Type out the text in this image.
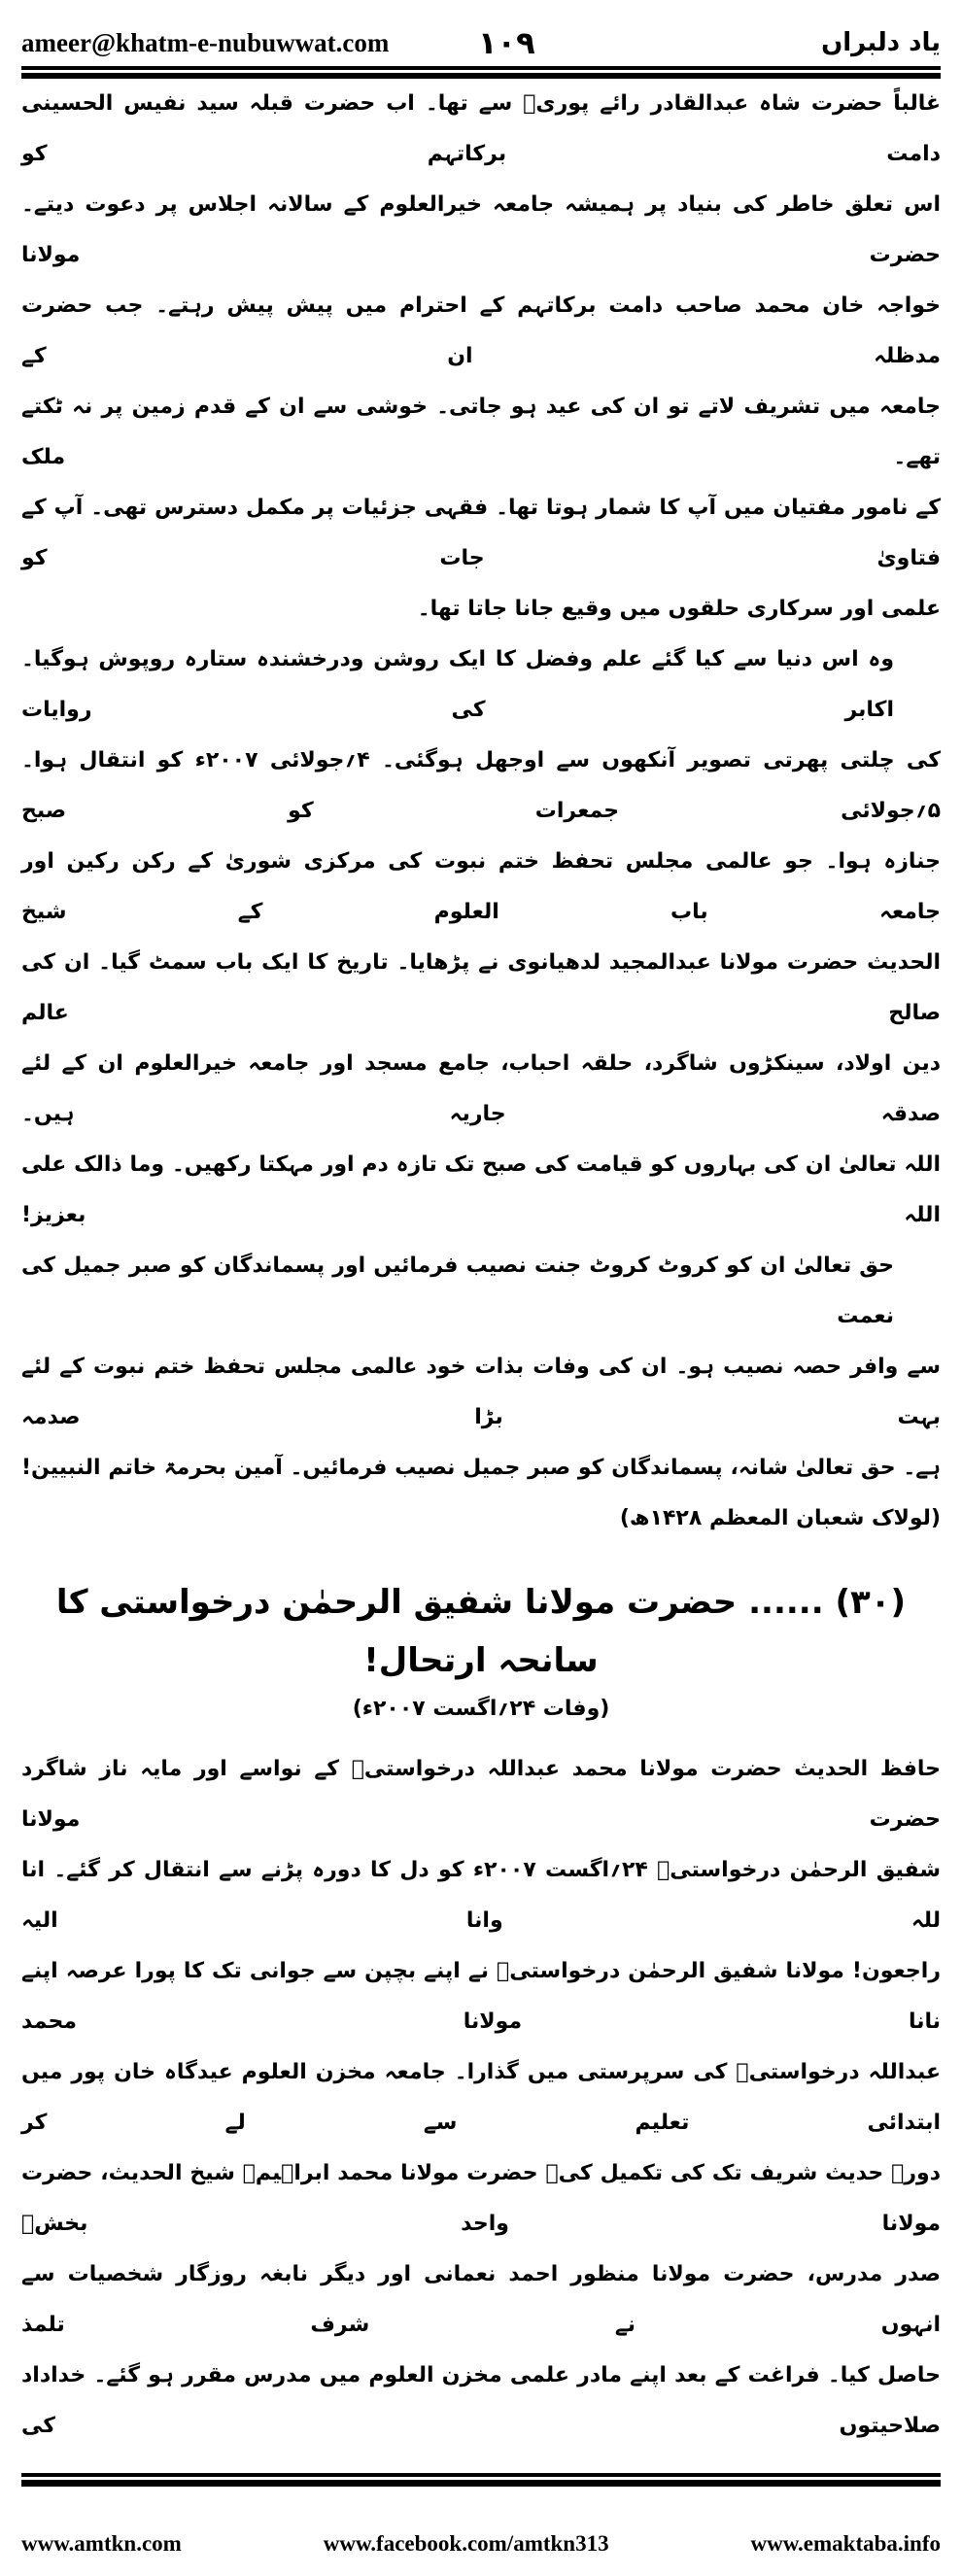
ameer@khatm-e-nubuwwat.com	۱۰۹	یاد دلبراں
غالباً حضرت شاہ عبدالقادر رائے پوریؒ سے تھا۔ اب حضرت قبلہ سید نفیس الحسینی دامت برکاتہم کو
اس تعلق خاطر کی بنیاد پر ہمیشہ جامعہ خیرالعلوم کے سالانہ اجلاس پر دعوت دیتے۔ حضرت مولانا
خواجہ خان محمد صاحب دامت برکاتہم کے احترام میں پیش پیش رہتے۔ جب حضرت مدظلہ ان کے
جامعہ میں تشریف لاتے تو ان کی عید ہو جاتی۔ خوشی سے ان کے قدم زمین پر نہ ٹکتے تھے۔ ملک
کے نامور مفتیان میں آپ کا شمار ہوتا تھا۔ فقہی جزئیات پر مکمل دسترس تھی۔ آپ کے فتاویٰ جات کو
علمی اور سرکاری حلقوں میں وقیع جانا جاتا تھا۔
وہ اس دنیا سے کیا گئے علم وفضل کا ایک روشن ودرخشندہ ستارہ روپوش ہوگیا۔ اکابر کی روایات
کی چلتی پھرتی تصویر آنکھوں سے اوجھل ہوگئی۔ ۴؍جولائی ۲۰۰۷ء کو انتقال ہوا۔ ۵؍جولائی جمعرات کو صبح
جنازہ ہوا۔ جو عالمی مجلس تحفظ ختم نبوت کی مرکزی شوریٰ کے رکن رکین اور جامعہ باب العلوم کے شیخ
الحدیث حضرت مولانا عبدالمجید لدھیانوی نے پڑھایا۔ تاریخ کا ایک باب سمٹ گیا۔ ان کی صالح عالم
دین اولاد، سینکڑوں شاگرد، حلقہ احباب، جامع مسجد اور جامعہ خیرالعلوم ان کے لئے صدقہ جاریہ ہیں۔
اللہ تعالیٰ ان کی بہاروں کو قیامت کی صبح تک تازہ دم اور مہکتا رکھیں۔ وما ذالک علی اللہ بعزیز!
حق تعالیٰ ان کو کروٹ کروٹ جنت نصیب فرمائیں اور پسماندگان کو صبر جمیل کی نعمت
سے وافر حصہ نصیب ہو۔ ان کی وفات بذات خود عالمی مجلس تحفظ ختم نبوت کے لئے بہت بڑا صدمہ
ہے۔ حق تعالیٰ شانہ، پسماندگان کو صبر جمیل نصیب فرمائیں۔ آمین بحرمۃ خاتم النبیین!
(لولاک شعبان المعظم ۱۴۲۸ھ)
(۳۰) ...... حضرت مولانا شفیق الرحمٰن درخواستی کا سانحہ ارتحال!
(وفات ۲۴؍اگست ۲۰۰۷ء)
حافظ الحدیث حضرت مولانا محمد عبداللہ درخواستیؒ کے نواسے اور مایہ ناز شاگرد حضرت مولانا
شفیق الرحمٰن درخواستیؒ ۲۴؍اگست ۲۰۰۷ء کو دل کا دورہ پڑنے سے انتقال کر گئے۔ انا للہ وانا الیہ
راجعون! مولانا شفیق الرحمٰن درخواستیؒ نے اپنے بچپن سے جوانی تک کا پورا عرصہ اپنے نانا مولانا محمد
عبداللہ درخواستیؒ کی سرپرستی میں گذارا۔ جامعہ مخزن العلوم عیدگاہ خان پور میں ابتدائی تعلیم سے لے کر
دورہ حدیث شریف تک کی تکمیل کی۔ حضرت مولانا محمد ابراہیمؒ شیخ الحدیث، حضرت مولانا واحد بخشؒ
صدر مدرس، حضرت مولانا منظور احمد نعمانی اور دیگر نابغہ روزگار شخصیات سے انہوں نے شرف تلمذ
حاصل کیا۔ فراغت کے بعد اپنے مادر علمی مخزن العلوم میں مدرس مقرر ہو گئے۔ خداداد صلاحیتوں کی
www.amtkn.com	www.facebook.com/amtkn313	www.emaktaba.info
